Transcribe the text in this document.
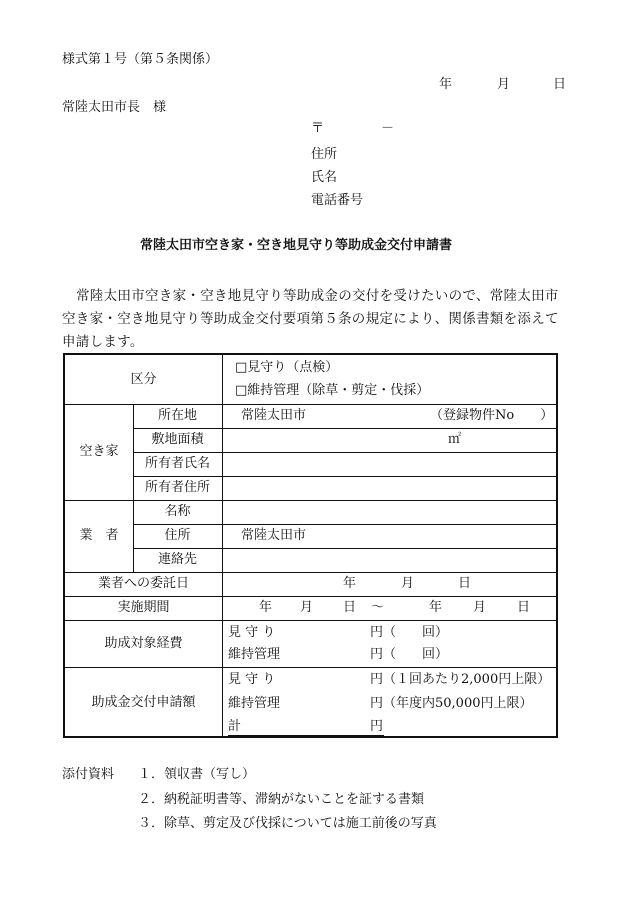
様式第１号（第５条関係）
年	月	日
常陸太田市長　様
〒	－
住所
氏名
電話番号
常陸太田市空き家・空き地見守り等助成金交付申請書
常陸太田市空き家・空き地見守り等助成金の交付を受けたいので、常陸太田市空き家・空き地見守り等助成金交付要項第５条の規定により、関係書類を添えて申請します。
区分
□見守り（点検）
□維持管理（除草・剪定・伐採）
空き家
所在地	常陸太田市	（登録物件No　　）
敷地面積	㎡
所有者氏名
所有者住所
業　者
名称
住所	常陸太田市
連絡先
業者への委託日	年	月	日
実施期間	年 月 日 ～	年 月 日
助成対象経費
見 守 り	円（　　回）
維持管理	円（　　回）
助成金交付申請額
見 守 り	円（１回あたり2,000円上限）
維持管理	円（年度内50,000円上限）
計	円
添付資料 １．領収書（写し）
２．納税証明書等、滞納がないことを証する書類
３．除草、剪定及び伐採については施工前後の写真
